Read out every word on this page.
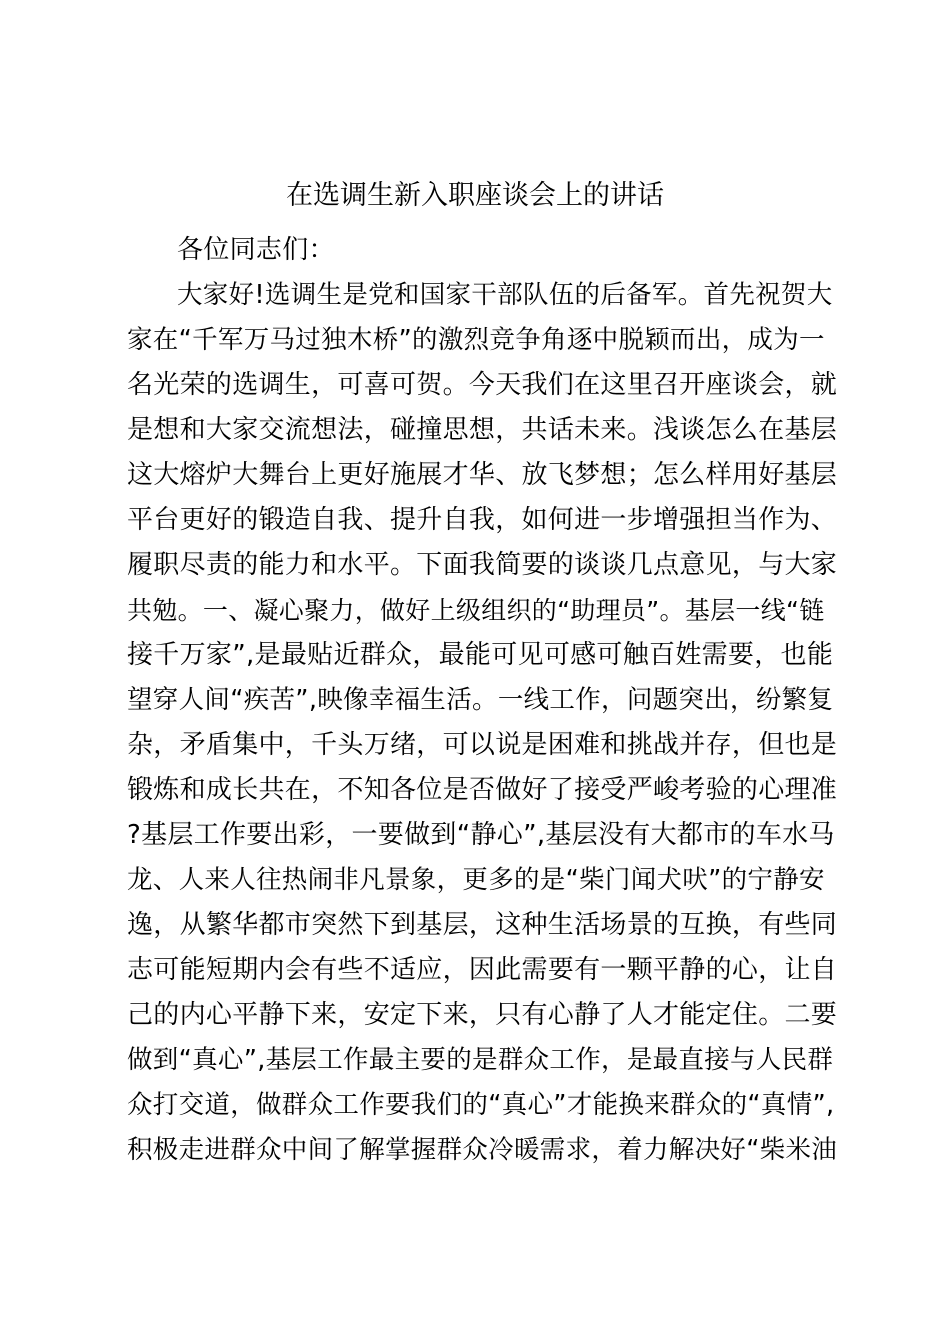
在选调生新入职座谈会上的讲话
各位同志们：
大家好!选调生是党和国家干部队伍的后备军。首先祝贺大
家在“千军万马过独木桥”的激烈竞争角逐中脱颖而出，成为一
名光荣的选调生，可喜可贺。今天我们在这里召开座谈会，就
是想和大家交流想法，碰撞思想，共话未来。浅谈怎么在基层
这大熔炉大舞台上更好施展才华、放飞梦想；怎么样用好基层
平台更好的锻造自我、提升自我，如何进一步增强担当作为、
履职尽责的能力和水平。下面我简要的谈谈几点意见，与大家
共勉。一、凝心聚力，做好上级组织的“助理员”。基层一线“链
接千万家”,是最贴近群众，最能可见可感可触百姓需要，也能
望穿人间“疾苦”,映像幸福生活。一线工作，问题突出，纷繁复
杂，矛盾集中，千头万绪，可以说是困难和挑战并存，但也是
锻炼和成长共在，不知各位是否做好了接受严峻考验的心理准
?基层工作要出彩，一要做到“静心”,基层没有大都市的车水马
龙、人来人往热闹非凡景象，更多的是“柴门闻犬吠”的宁静安
逸，从繁华都市突然下到基层，这种生活场景的互换，有些同
志可能短期内会有些不适应，因此需要有一颗平静的心，让自
己的内心平静下来，安定下来，只有心静了人才能定住。二要
做到“真心”,基层工作最主要的是群众工作，是最直接与人民群
众打交道，做群众工作要我们的“真心”才能换来群众的“真情”,
积极走进群众中间了解掌握群众冷暖需求，着力解决好“柴米油
